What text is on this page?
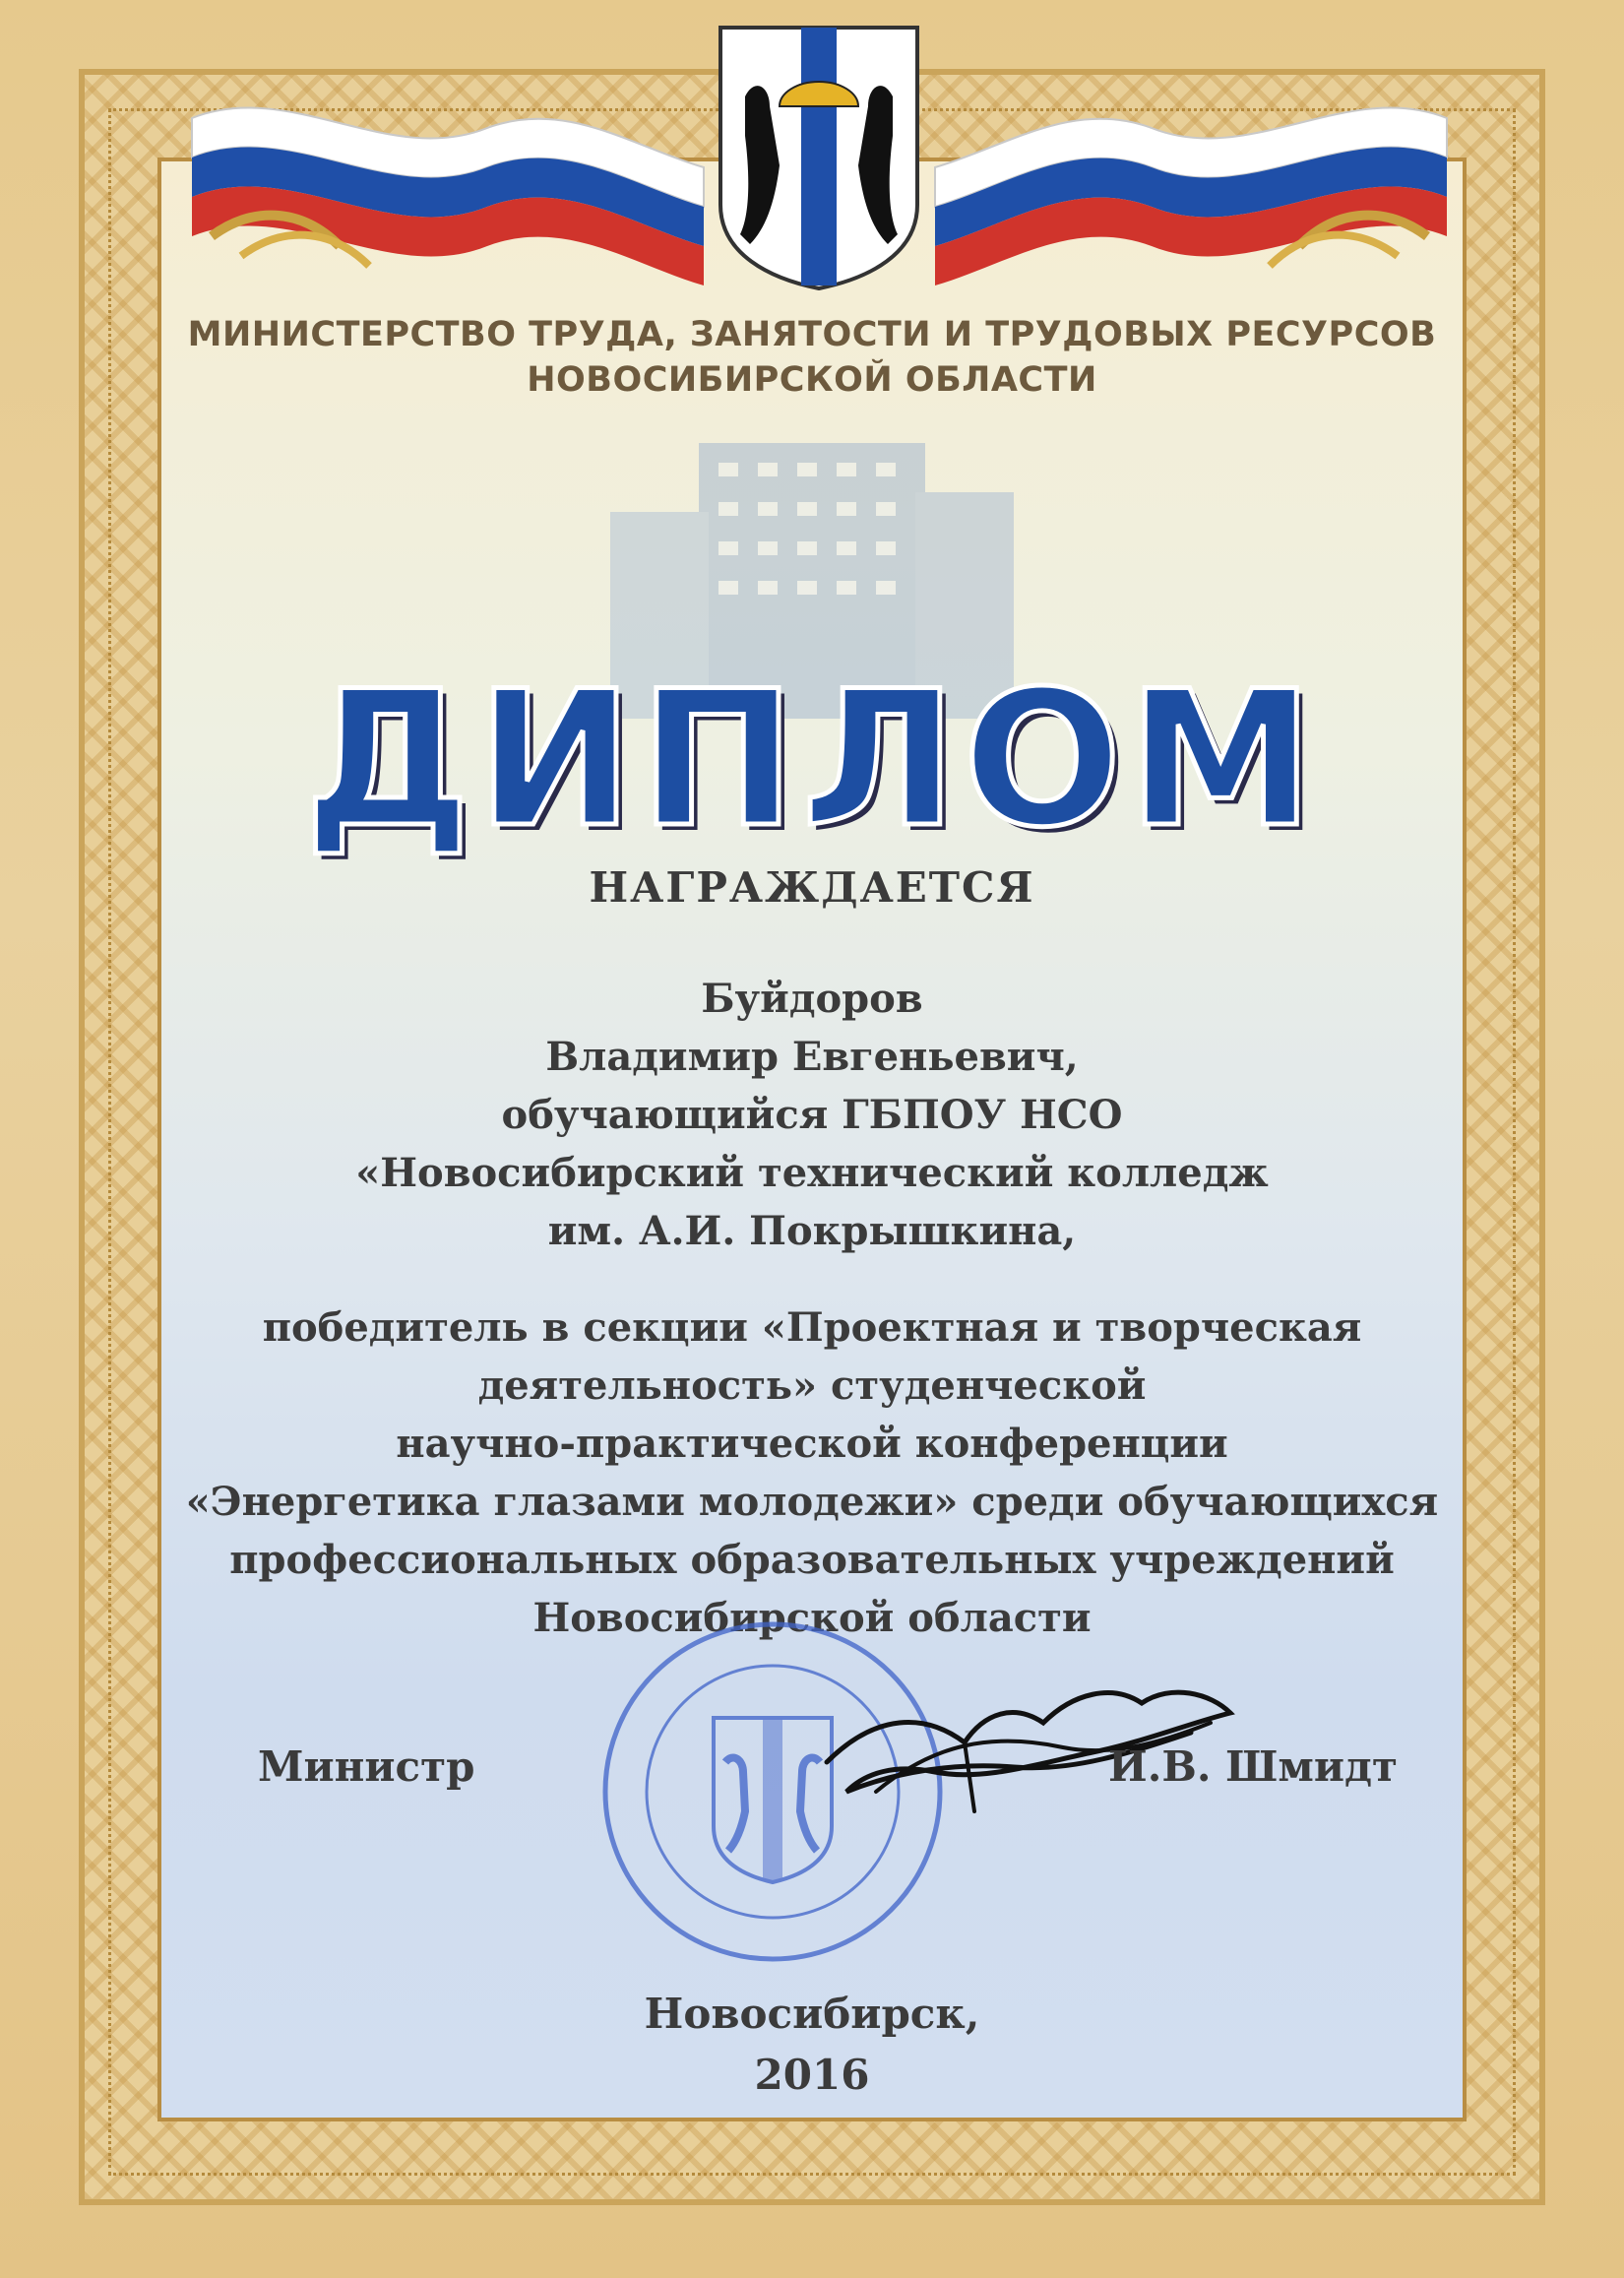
МИНИСТЕРСТВО ТРУДА, ЗАНЯТОСТИ И ТРУДОВЫХ РЕСУРСОВ
НОВОСИБИРСКОЙ ОБЛАСТИ
ДИПЛОМ
НАГРАЖДАЕТСЯ
Буйдоров
Владимир Евгеньевич,
обучающийся ГБПОУ НСО
«Новосибирский технический колледж
им. А.И. Покрышкина,
победитель в секции «Проектная и творческая
деятельность» студенческой
научно-практической конференции
«Энергетика глазами молодежи» среди обучающихся
профессиональных образовательных учреждений
Новосибирской области
Министр	И.В. Шмидт
Новосибирск,
2016
